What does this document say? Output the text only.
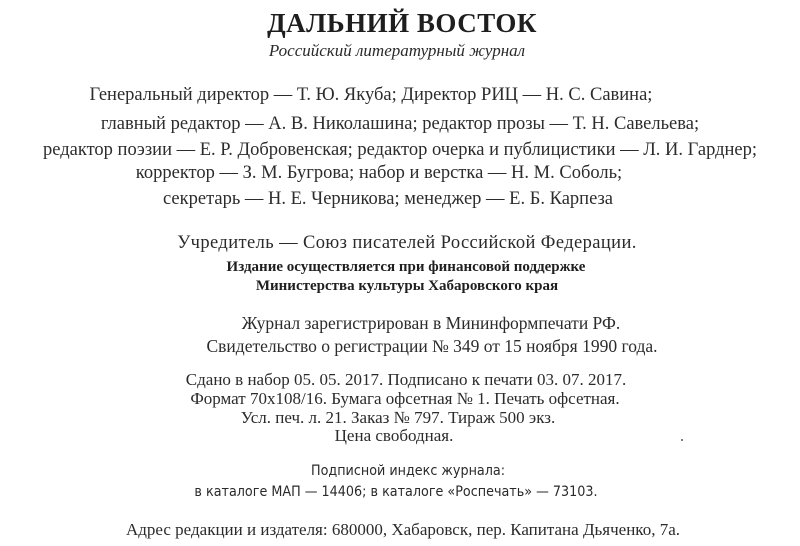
ДАЛЬНИЙ ВОСТОК
Российский литературный журнал
Генеральный директор — Т. Ю. Якуба; Директор РИЦ — Н. С. Савина;
главный редактор — А. В. Николашина; редактор прозы — Т. Н. Савельева;
редактор поэзии — Е. Р. Добровенская; редактор очерка и публицистики — Л. И. Гарднер;
корректор — З. М. Бугрова; набор и верстка — Н. М. Соболь;
секретарь — Н. Е. Черникова; менеджер — Е. Б. Карпеза
Учредитель — Союз писателей Российской Федерации.
Издание осуществляется при финансовой поддержке
Министерства культуры Хабаровского края
Журнал зарегистрирован в Мининформпечати РФ.
Свидетельство о регистрации № 349 от 15 ноября 1990 года.
Сдано в набор 05. 05. 2017. Подписано к печати 03. 07. 2017.
Формат 70х108/16. Бумага офсетная № 1. Печать офсетная.
Усл. печ. л. 21. Заказ № 797. Тираж 500 экз.
Цена свободная.
Подписной индекс журнала:
в каталоге МАП — 14406; в каталоге «Роспечать» — 73103.
Адрес редакции и издателя: 680000, Хабаровск, пер. Капитана Дьяченко, 7а.
